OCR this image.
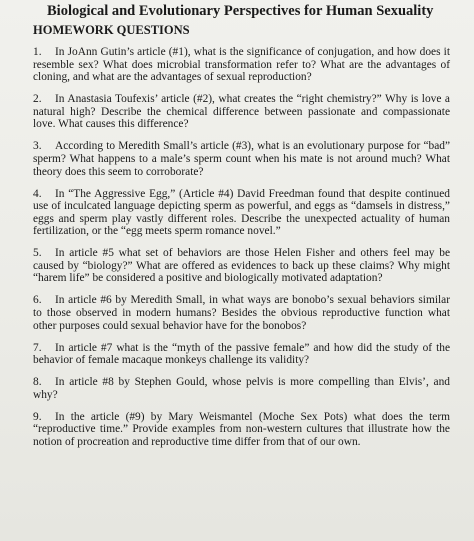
Biological and Evolutionary Perspectives for Human Sexuality
HOMEWORK QUESTIONS
1. In JoAnn Gutin’s article (#1), what is the significance of conjugation, and how does it resemble sex? What does microbial transformation refer to? What are the advantages of cloning, and what are the advantages of sexual reproduction?
2. In Anastasia Toufexis’ article (#2), what creates the “right chemistry?” Why is love a natural high? Describe the chemical difference between passionate and compassionate love. What causes this difference?
3. According to Meredith Small’s article (#3), what is an evolutionary purpose for “bad” sperm? What happens to a male’s sperm count when his mate is not around much? What theory does this seem to corroborate?
4. In “The Aggressive Egg,” (Article #4) David Freedman found that despite continued use of inculcated language depicting sperm as powerful, and eggs as “damsels in distress,” eggs and sperm play vastly different roles. Describe the unexpected actuality of human fertilization, or the “egg meets sperm romance novel.”
5. In article #5 what set of behaviors are those Helen Fisher and others feel may be caused by “biology?” What are offered as evidences to back up these claims? Why might “harem life” be considered a positive and biologically motivated adaptation?
6. In article #6 by Meredith Small, in what ways are bonobo’s sexual behaviors similar to those observed in modern humans? Besides the obvious reproductive function what other purposes could sexual behavior have for the bonobos?
7. In article #7 what is the “myth of the passive female” and how did the study of the behavior of female macaque monkeys challenge its validity?
8. In article #8 by Stephen Gould, whose pelvis is more compelling than Elvis’, and why?
9. In the article (#9) by Mary Weismantel (Moche Sex Pots) what does the term “reproductive time.” Provide examples from non-western cultures that illustrate how the notion of procreation and reproductive time differ from that of our own.
